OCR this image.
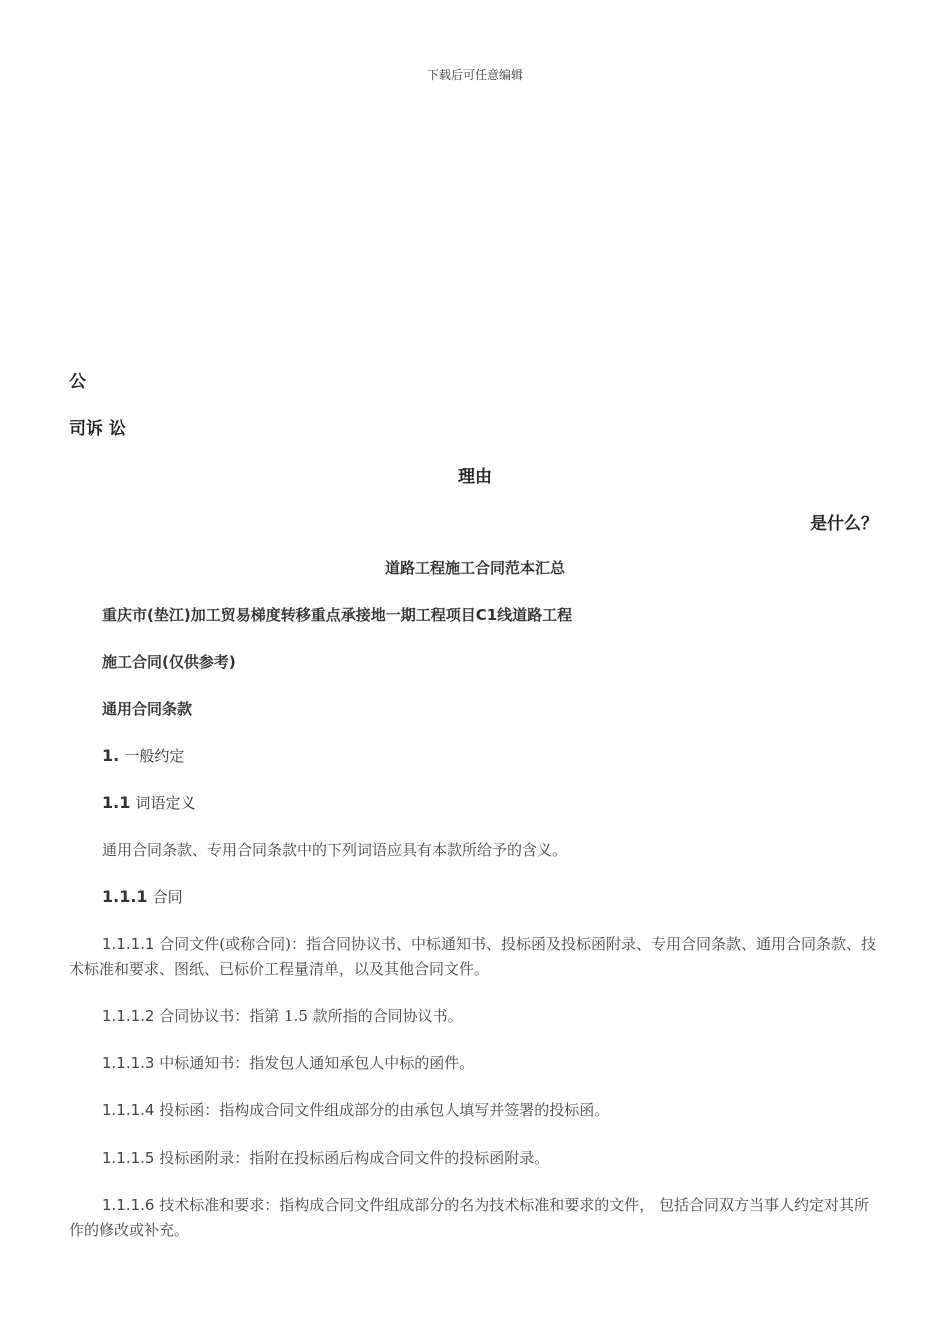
下载后可任意编辑
公
司诉 讼
理由
是什么？
道路工程施工合同范本汇总
重庆市(垫江)加工贸易梯度转移重点承接地一期工程项目C1线道路工程
施工合同(仅供参考)
通用合同条款
1. 一般约定
1.1 词语定义
通用合同条款、专用合同条款中的下列词语应具有本款所给予的含义。
1.1.1 合同
1.1.1.1 合同文件(或称合同)：指合同协议书、中标通知书、投标函及投标函附录、专用合同条款、通用合同条款、技术标准和要求、图纸、已标价工程量清单，以及其他合同文件。
1.1.1.2 合同协议书：指第 1.5 款所指的合同协议书。
1.1.1.3 中标通知书：指发包人通知承包人中标的函件。
1.1.1.4 投标函：指构成合同文件组成部分的由承包人填写并签署的投标函。
1.1.1.5 投标函附录：指附在投标函后构成合同文件的投标函附录。
1.1.1.6 技术标准和要求：指构成合同文件组成部分的名为技术标准和要求的文件， 包括合同双方当事人约定对其所作的修改或补充。
